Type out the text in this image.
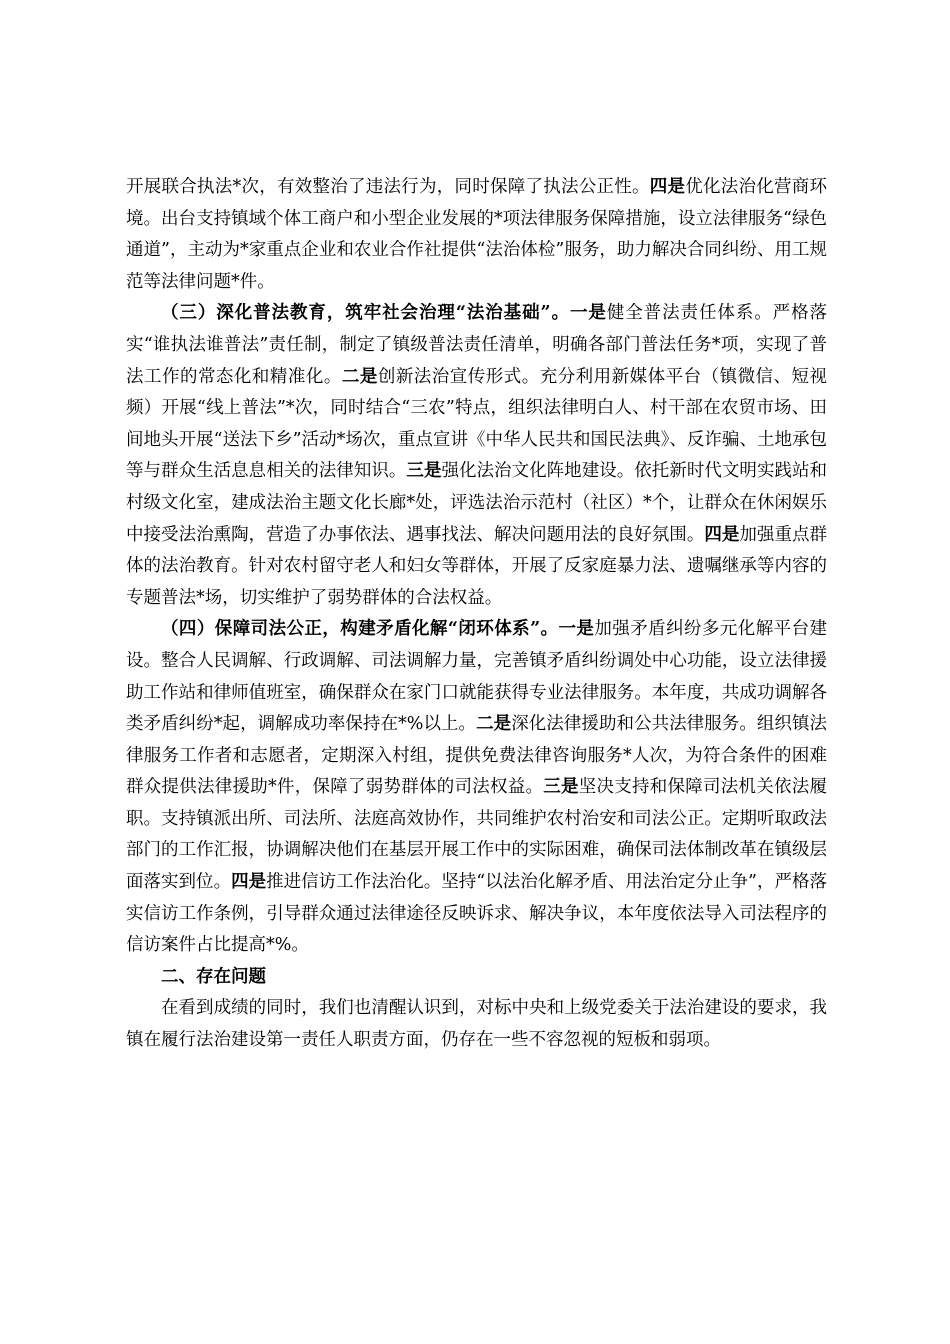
开展联合执法*次，有效整治了违法行为，同时保障了执法公正性。四是优化法治化营商环境。出台支持镇域个体工商户和小型企业发展的*项法律服务保障措施，设立法律服务“绿色通道”，主动为*家重点企业和农业合作社提供“法治体检”服务，助力解决合同纠纷、用工规范等法律问题*件。

（三）深化普法教育，筑牢社会治理“法治基础”。一是健全普法责任体系。严格落实“谁执法谁普法”责任制，制定了镇级普法责任清单，明确各部门普法任务*项，实现了普法工作的常态化和精准化。二是创新法治宣传形式。充分利用新媒体平台（镇微信、短视频）开展“线上普法”*次，同时结合“三农”特点，组织法律明白人、村干部在农贸市场、田间地头开展“送法下乡”活动*场次，重点宣讲《中华人民共和国民法典》、反诈骗、土地承包等与群众生活息息相关的法律知识。三是强化法治文化阵地建设。依托新时代文明实践站和村级文化室，建成法治主题文化长廊*处，评选法治示范村（社区）*个，让群众在休闲娱乐中接受法治熏陶，营造了办事依法、遇事找法、解决问题用法的良好氛围。四是加强重点群体的法治教育。针对农村留守老人和妇女等群体，开展了反家庭暴力法、遗嘱继承等内容的专题普法*场，切实维护了弱势群体的合法权益。

（四）保障司法公正，构建矛盾化解“闭环体系”。一是加强矛盾纠纷多元化解平台建设。整合人民调解、行政调解、司法调解力量，完善镇矛盾纠纷调处中心功能，设立法律援助工作站和律师值班室，确保群众在家门口就能获得专业法律服务。本年度，共成功调解各类矛盾纠纷*起，调解成功率保持在*%以上。二是深化法律援助和公共法律服务。组织镇法律服务工作者和志愿者，定期深入村组，提供免费法律咨询服务*人次，为符合条件的困难群众提供法律援助*件，保障了弱势群体的司法权益。三是坚决支持和保障司法机关依法履职。支持镇派出所、司法所、法庭高效协作，共同维护农村治安和司法公正。定期听取政法部门的工作汇报，协调解决他们在基层开展工作中的实际困难，确保司法体制改革在镇级层面落实到位。四是推进信访工作法治化。坚持“以法治化解矛盾、用法治定分止争”，严格落实信访工作条例，引导群众通过法律途径反映诉求、解决争议，本年度依法导入司法程序的信访案件占比提高*%。

二、存在问题

在看到成绩的同时，我们也清醒认识到，对标中央和上级党委关于法治建设的要求，我镇在履行法治建设第一责任人职责方面，仍存在一些不容忽视的短板和弱项。
